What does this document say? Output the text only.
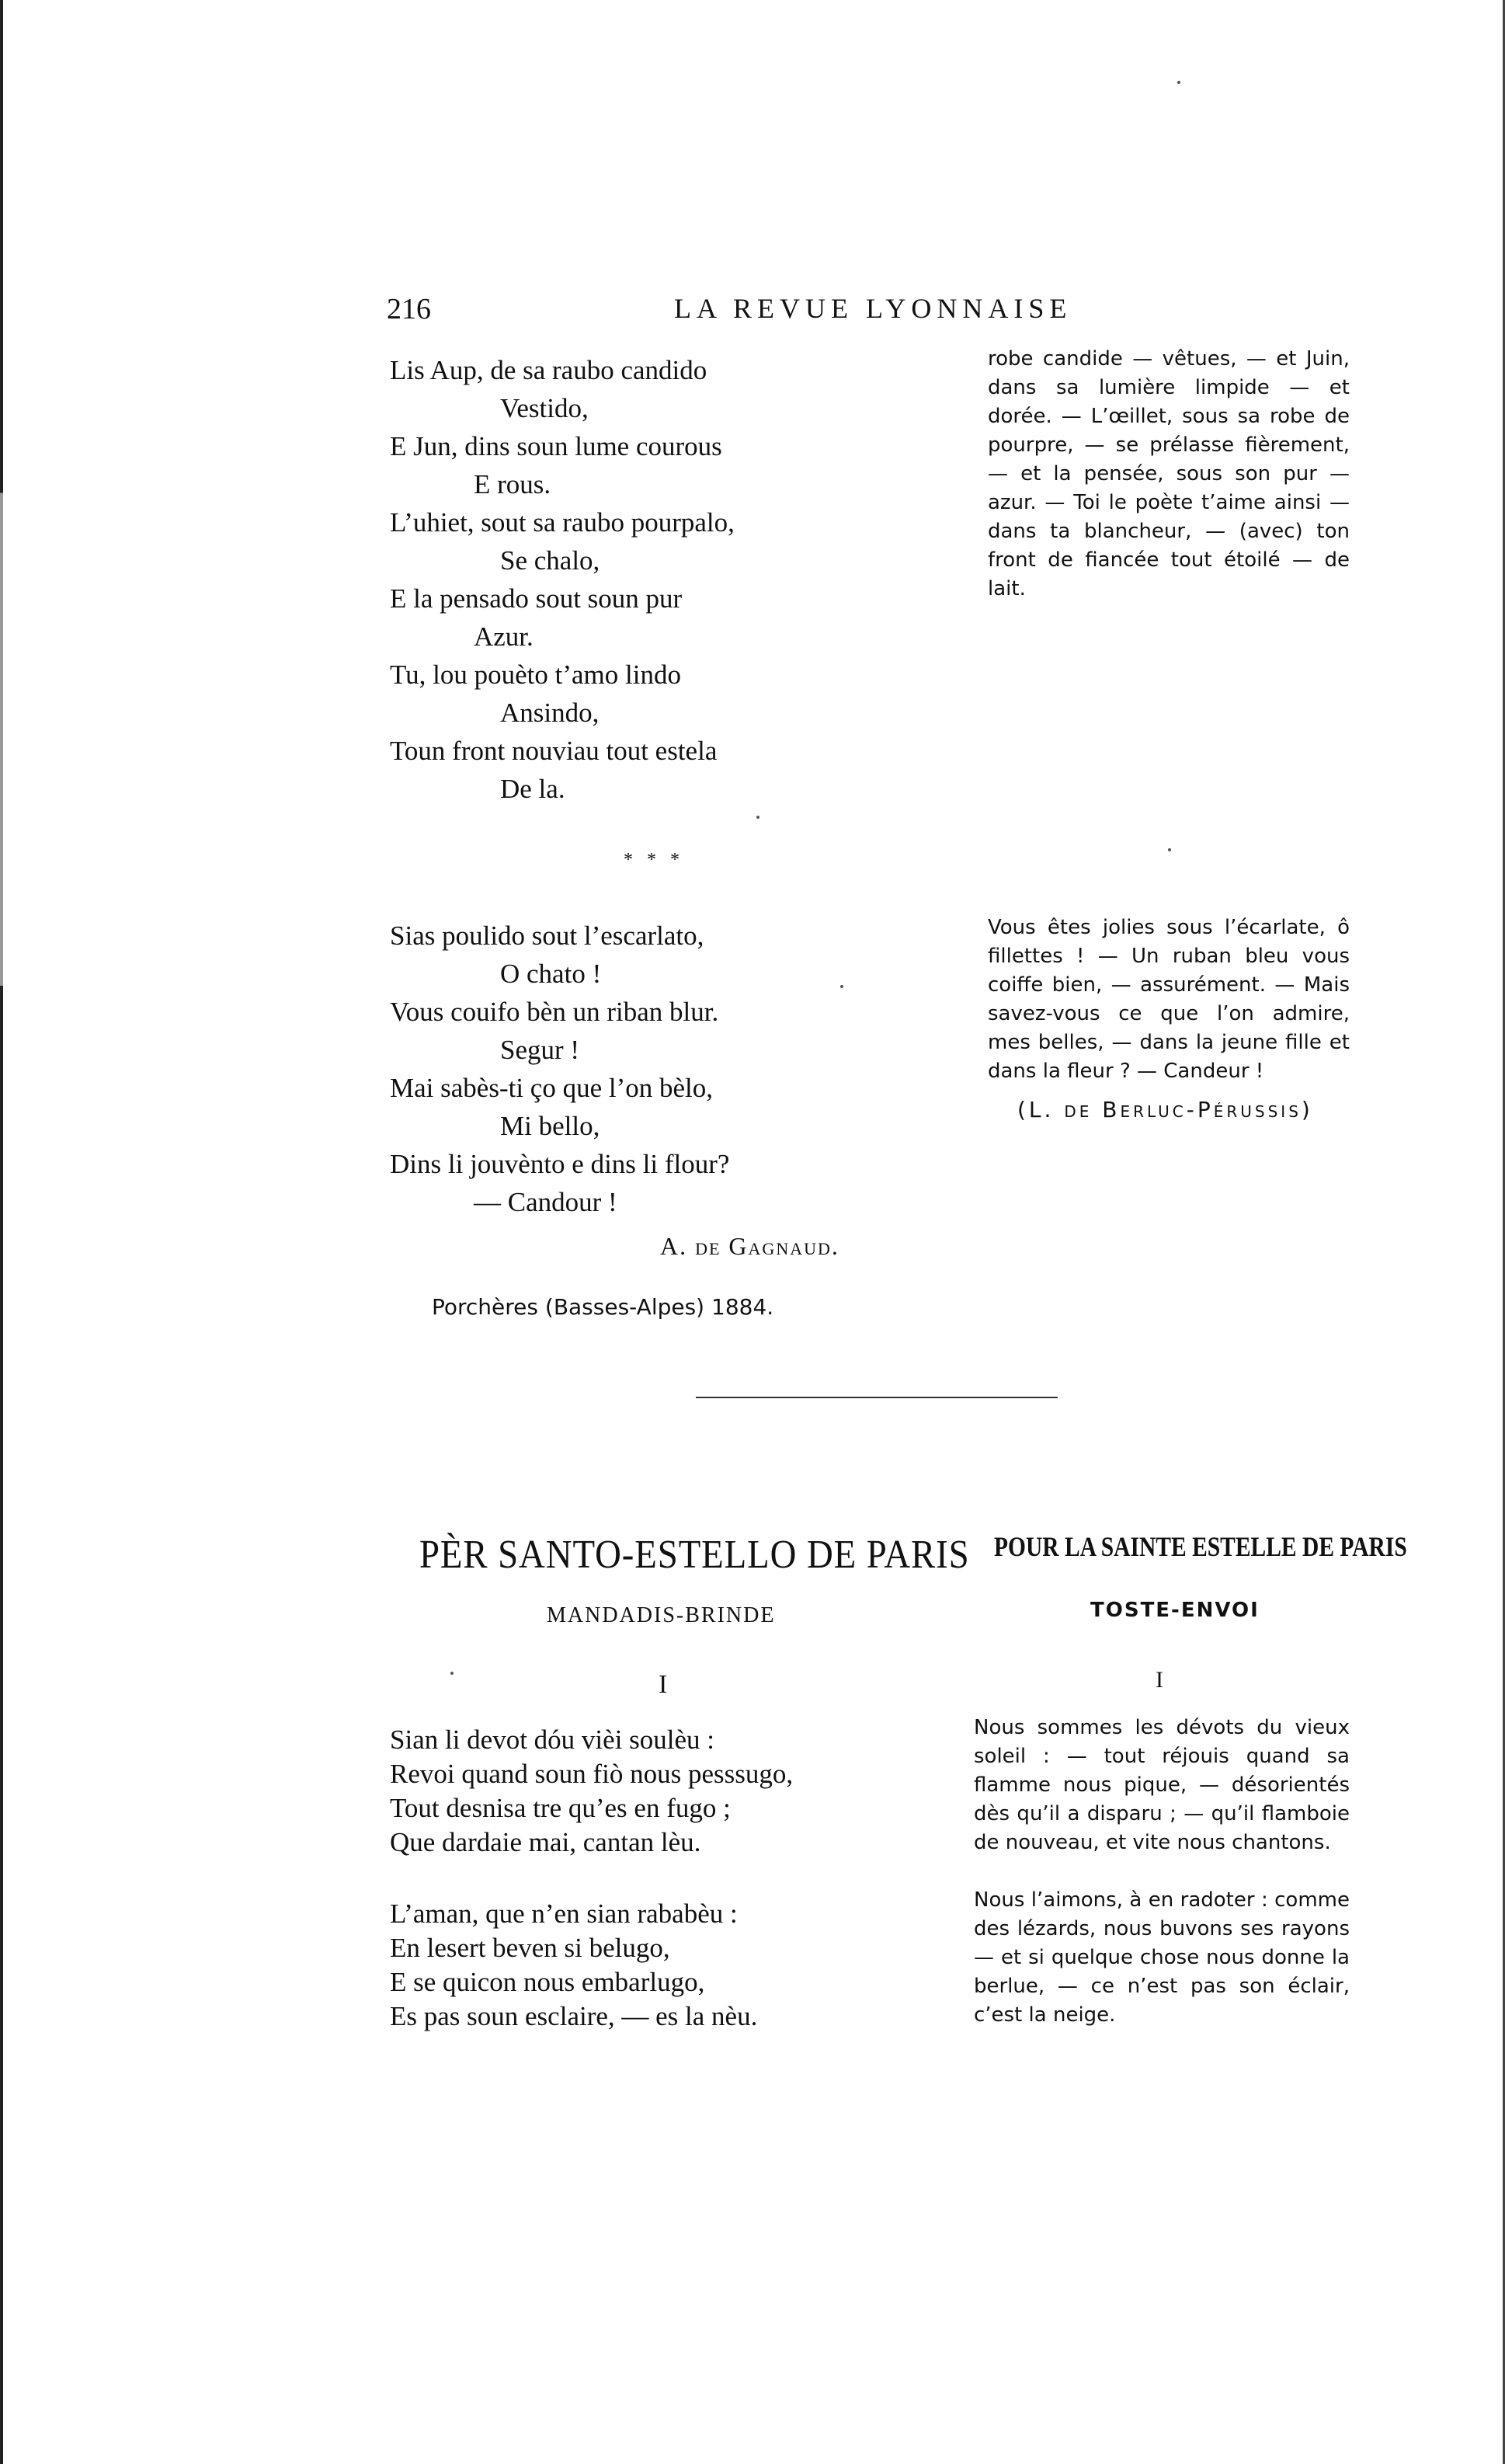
216	LA REVUE LYONNAISE
Lis Aup, de sa raubo candido
Vestido,
E Jun, dins soun lume courous
E rous.
L’uhiet, sout sa raubo pourpalo,
Se chalo,
E la pensado sout soun pur
Azur.
Tu, lou pouèto t’amo lindo
Ansindo,
Toun front nouviau tout estela
De la.

robe candide — vêtues, — et Juin, dans sa lumière limpide — et dorée. — L’œillet, sous sa robe de pourpre, — se prélasse fièrement, — et la pensée, sous son pur — azur. — Toi le poète t’aime ainsi — dans ta blancheur, — (avec) ton front de fiancée tout étoilé — de lait.

* * *
Sias poulido sout l’escarlato,
O chato !
Vous couifo bèn un riban blur.
Segur !
Mai sabès-ti ço que l’on bèlo,
Mi bello,
Dins li jouvènto e dins li flour?
— Candour !

Vous êtes jolies sous l’écarlate, ô fillettes ! — Un ruban bleu vous coiffe bien, — assurément. — Mais savez-vous ce que l’on admire, mes belles, — dans la jeune fille et dans la fleur ? — Candeur !

(L. de Berluc-Pérussis)
A. de Gagnaud.
Porchères (Basses-Alpes) 1884.
PÈR SANTO-ESTELLO DE PARIS
MANDADIS-BRINDE
POUR LA SAINTE ESTELLE DE PARIS
TOSTE-ENVOI
I	I
Sian li devot dóu vièi soulèu :
Revoi quand soun fiò nous pesssugo,
Tout desnisa tre qu’es en fugo ;
Que dardaie mai, cantan lèu.
L’aman, que n’en sian rababèu :
En lesert beven si belugo,
E se quicon nous embarlugo,
Es pas soun esclaire, — es la nèu.

Nous sommes les dévots du vieux soleil : — tout réjouis quand sa flamme nous pique, — désorientés dès qu’il a disparu ; — qu’il flamboie de nouveau, et vite nous chantons.

Nous l’aimons, à en radoter : comme des lézards, nous buvons ses rayons — et si quelque chose nous donne la berlue, — ce n’est pas son éclair, c’est la neige.
